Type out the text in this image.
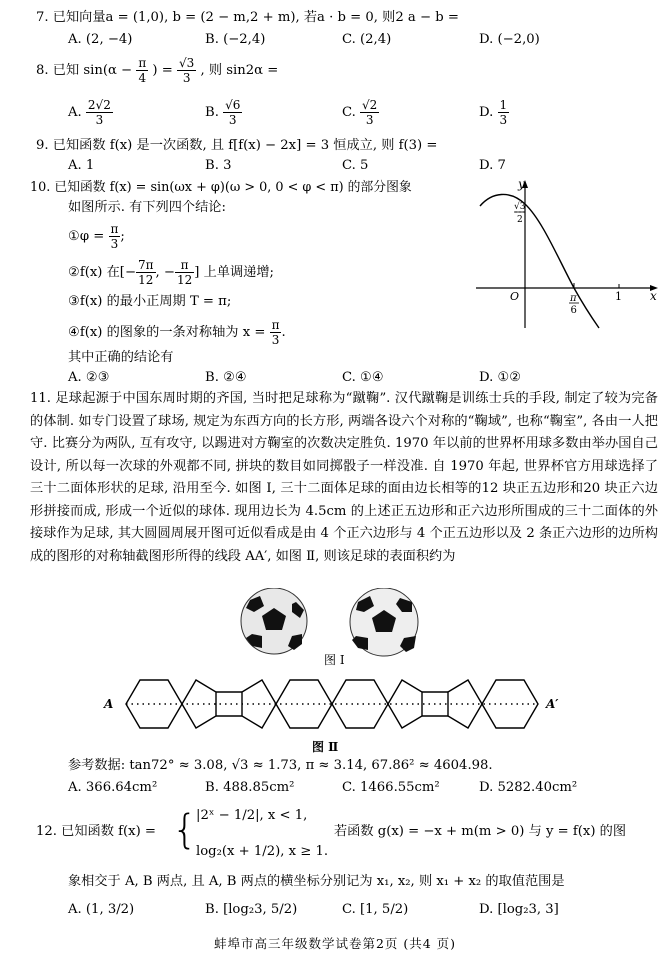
7. 已知向量a = (1,0), b = (2 − m,2 + m), 若a · b = 0, 则2 a − b =
A. (2, −4)	B. (−2,4)	C. (2,4)	D. (−2,0)
8. 已知 $\sin(\alpha - \frac{\pi}{4}$ ) = $\frac{√3}{3}$ , 则 sin2α =
A. $\frac{2√2}{3}$	B. $\frac{√6}{3}$	C. $\frac{√2}{3}$	D. $\frac{1}{3}$
9. 已知函数 f(x) 是一次函数, 且 f[f(x) − 2x] = 3 恒成立, 则 f(3) =
A. 1	B. 3	C. 5	D. 7
10. 已知函数 f(x) = sin(ωx + φ)(ω > 0, 0 < φ < π) 的部分图象
如图所示. 有下列四个结论:
①φ = $\frac{\pi}{3}$ ;
②f(x) 在[− $\frac{7\pi}{12}$ , − $\frac{\pi}{12}$ ] 上单调递增;
③f(x) 的最小正周期 T = π;
④f(x) 的图象的一条对称轴为 $x = \frac{\pi}{3}$ .
其中正确的结论有
A. ②③	B. ②④	C. ①④	D. ①②
y
x
O	1
π
6
√3
2
11. 足球起源于中国东周时期的齐国, 当时把足球称为“蹴鞠”. 汉代蹴鞠是训练士兵的手段, 制定了较为完备的体制. 如专门设置了球场, 规定为东西方向的长方形, 两端各设六个对称的“鞠域”, 也称“鞠室”, 各由一人把守. 比赛分为两队, 互有攻守, 以踢进对方鞠室的次数决定胜负. 1970 年以前的世界杯用球多数由举办国自己设计, 所以每一次球的外观都不同, 拼块的数目如同掷骰子一样没准. 自 1970 年起, 世界杯官方用球选择了三十二面体形状的足球, 沿用至今. 如图 Ⅰ, 三十二面体足球的面由边长相等的12 块正五边形和20 块正六边形拼接而成, 形成一个近似的球体. 现用边长为 4.5cm 的上述正五边形和正六边形所围成的三十二面体的外接球作为足球, 其大圆圆周展开图可近似看成是由 4 个正六边形与 4 个正五边形以及 2 条正六边形的边所构成的图形的对称轴截图形所得的线段 AA′, 如图 Ⅱ, 则该足球的表面积约为
图 Ⅰ
A	A′
图 Ⅱ
参考数据: tan72° ≈ 3.08, √3 ≈ 1.73, π ≈ 3.14, 67.86² ≈ 4604.98.
A. 366.64cm²	B. 488.85cm²	C. 1466.55cm²	D. 5282.40cm²
12. 已知函数 f(x) = {
|2ˣ − 1/2|, x < 1,
log₂(x + 1/2), x ≥ 1.
若函数 g(x) = −x + m(m > 0) 与 y = f(x) 的图
象相交于 A, B 两点, 且 A, B 两点的横坐标分别记为 x₁, x₂, 则 x₁ + x₂ 的取值范围是
A. (1, 3/2)	B. [log₂3, 5/2)	C. [1, 5/2)	D. [log₂3, 3]
蚌埠市高三年级数学试卷第2页 (共4 页)
